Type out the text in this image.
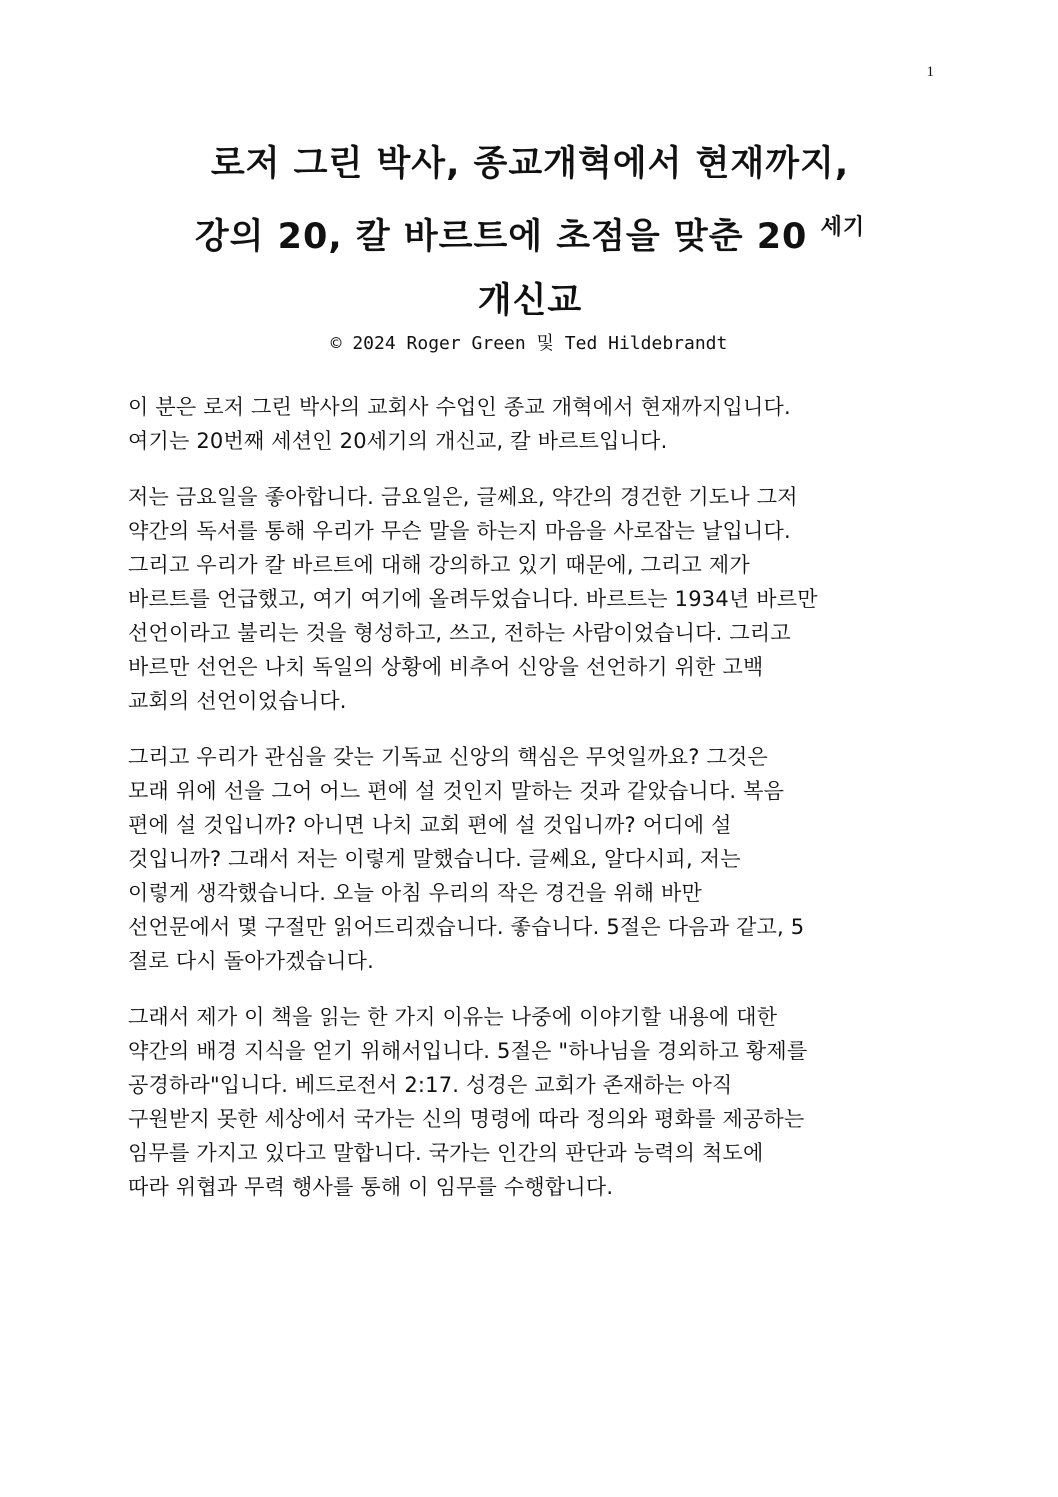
1
로저 그린 박사, 종교개혁에서 현재까지,
강의 20, 칼 바르트에 초점을 맞춘 20 $^{세기}$
개신교
© 2024 Roger Green 및 Ted Hildebrandt

이 분은 로저 그린 박사의 교회사 수업인 종교 개혁에서 현재까지입니다.
여기는 20번째 세션인 20세기의 개신교, 칼 바르트입니다.

저는 금요일을 좋아합니다. 금요일은, 글쎄요, 약간의 경건한 기도나 그저
약간의 독서를 통해 우리가 무슨 말을 하는지 마음을 사로잡는 날입니다.
그리고 우리가 칼 바르트에 대해 강의하고 있기 때문에, 그리고 제가
바르트를 언급했고, 여기 여기에 올려두었습니다. 바르트는 1934년 바르만
선언이라고 불리는 것을 형성하고, 쓰고, 전하는 사람이었습니다. 그리고
바르만 선언은 나치 독일의 상황에 비추어 신앙을 선언하기 위한 고백
교회의 선언이었습니다.

그리고 우리가 관심을 갖는 기독교 신앙의 핵심은 무엇일까요? 그것은
모래 위에 선을 그어 어느 편에 설 것인지 말하는 것과 같았습니다. 복음
편에 설 것입니까? 아니면 나치 교회 편에 설 것입니까? 어디에 설
것입니까? 그래서 저는 이렇게 말했습니다. 글쎄요, 알다시피, 저는
이렇게 생각했습니다. 오늘 아침 우리의 작은 경건을 위해 바만
선언문에서 몇 구절만 읽어드리겠습니다. 좋습니다. 5절은 다음과 같고, 5
절로 다시 돌아가겠습니다.

그래서 제가 이 책을 읽는 한 가지 이유는 나중에 이야기할 내용에 대한
약간의 배경 지식을 얻기 위해서입니다. 5절은 "하나님을 경외하고 황제를
공경하라"입니다. 베드로전서 2:17. 성경은 교회가 존재하는 아직
구원받지 못한 세상에서 국가는 신의 명령에 따라 정의와 평화를 제공하는
임무를 가지고 있다고 말합니다. 국가는 인간의 판단과 능력의 척도에
따라 위협과 무력 행사를 통해 이 임무를 수행합니다.
